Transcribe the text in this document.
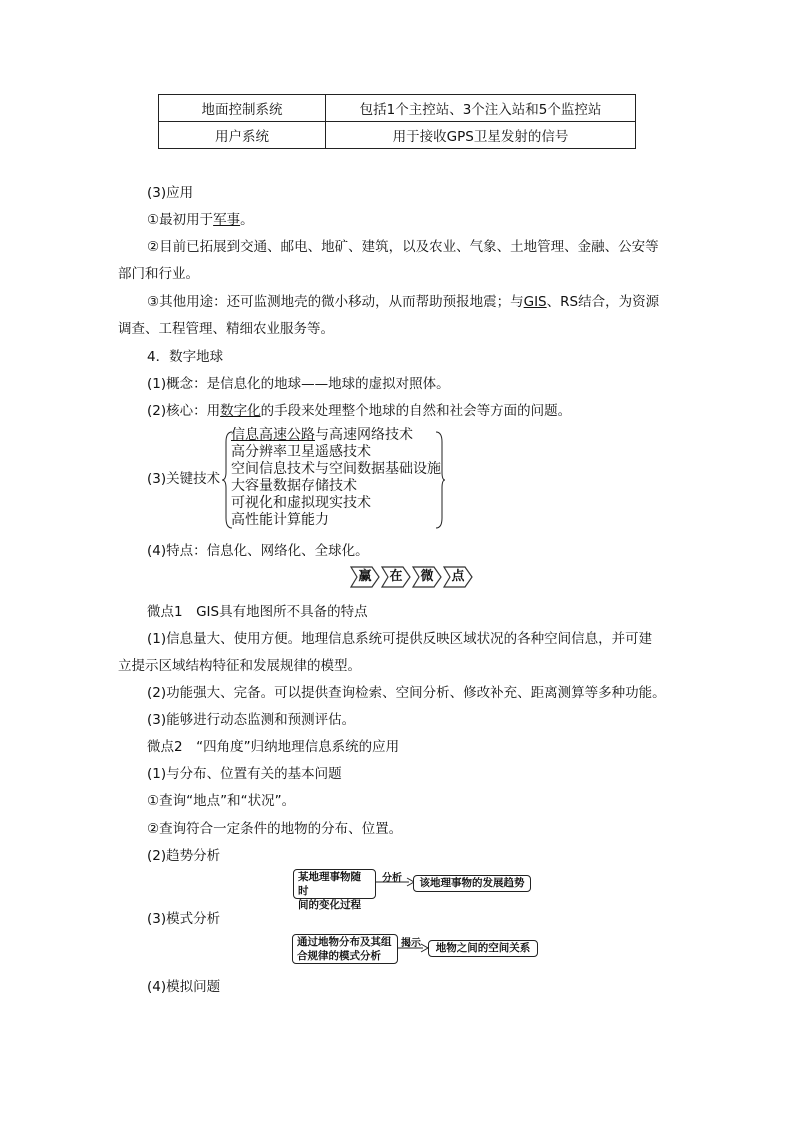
地面控制系统	包括1个主控站、3个注入站和5个监控站
用户系统	用于接收GPS卫星发射的信号
(3)应用
①最初用于军事。
②目前已拓展到交通、邮电、地矿、建筑，以及农业、气象、土地管理、金融、公安等
部门和行业。
③其他用途：还可监测地壳的微小移动，从而帮助预报地震；与GIS、RS结合，为资源
调查、工程管理、精细农业服务等。
4．数字地球
(1)概念：是信息化的地球——地球的虚拟对照体。
(2)核心：用数字化的手段来处理整个地球的自然和社会等方面的问题。
(3)关键技术
信息高速公路与高速网络技术
高分辨率卫星遥感技术
空间信息技术与空间数据基础设施
大容量数据存储技术
可视化和虚拟现实技术
高性能计算能力
(4)特点：信息化、网络化、全球化。
赢	在	微	点
微点1　GIS具有地图所不具备的特点
(1)信息量大、使用方便。地理信息系统可提供反映区域状况的各种空间信息，并可建
立提示区域结构特征和发展规律的模型。
(2)功能强大、完备。可以提供查询检索、空间分析、修改补充、距离测算等多种功能。
(3)能够进行动态监测和预测评估。
微点2　“四角度”归纳地理信息系统的应用
(1)与分布、位置有关的基本问题
①查询“地点”和“状况”。
②查询符合一定条件的地物的分布、位置。
(2)趋势分析
某地理事物随时
间的变化过程
分析	该地理事物的发展趋势
(3)模式分析
通过地物分布及其组
合规律的模式分析
揭示	地物之间的空间关系
(4)模拟问题
